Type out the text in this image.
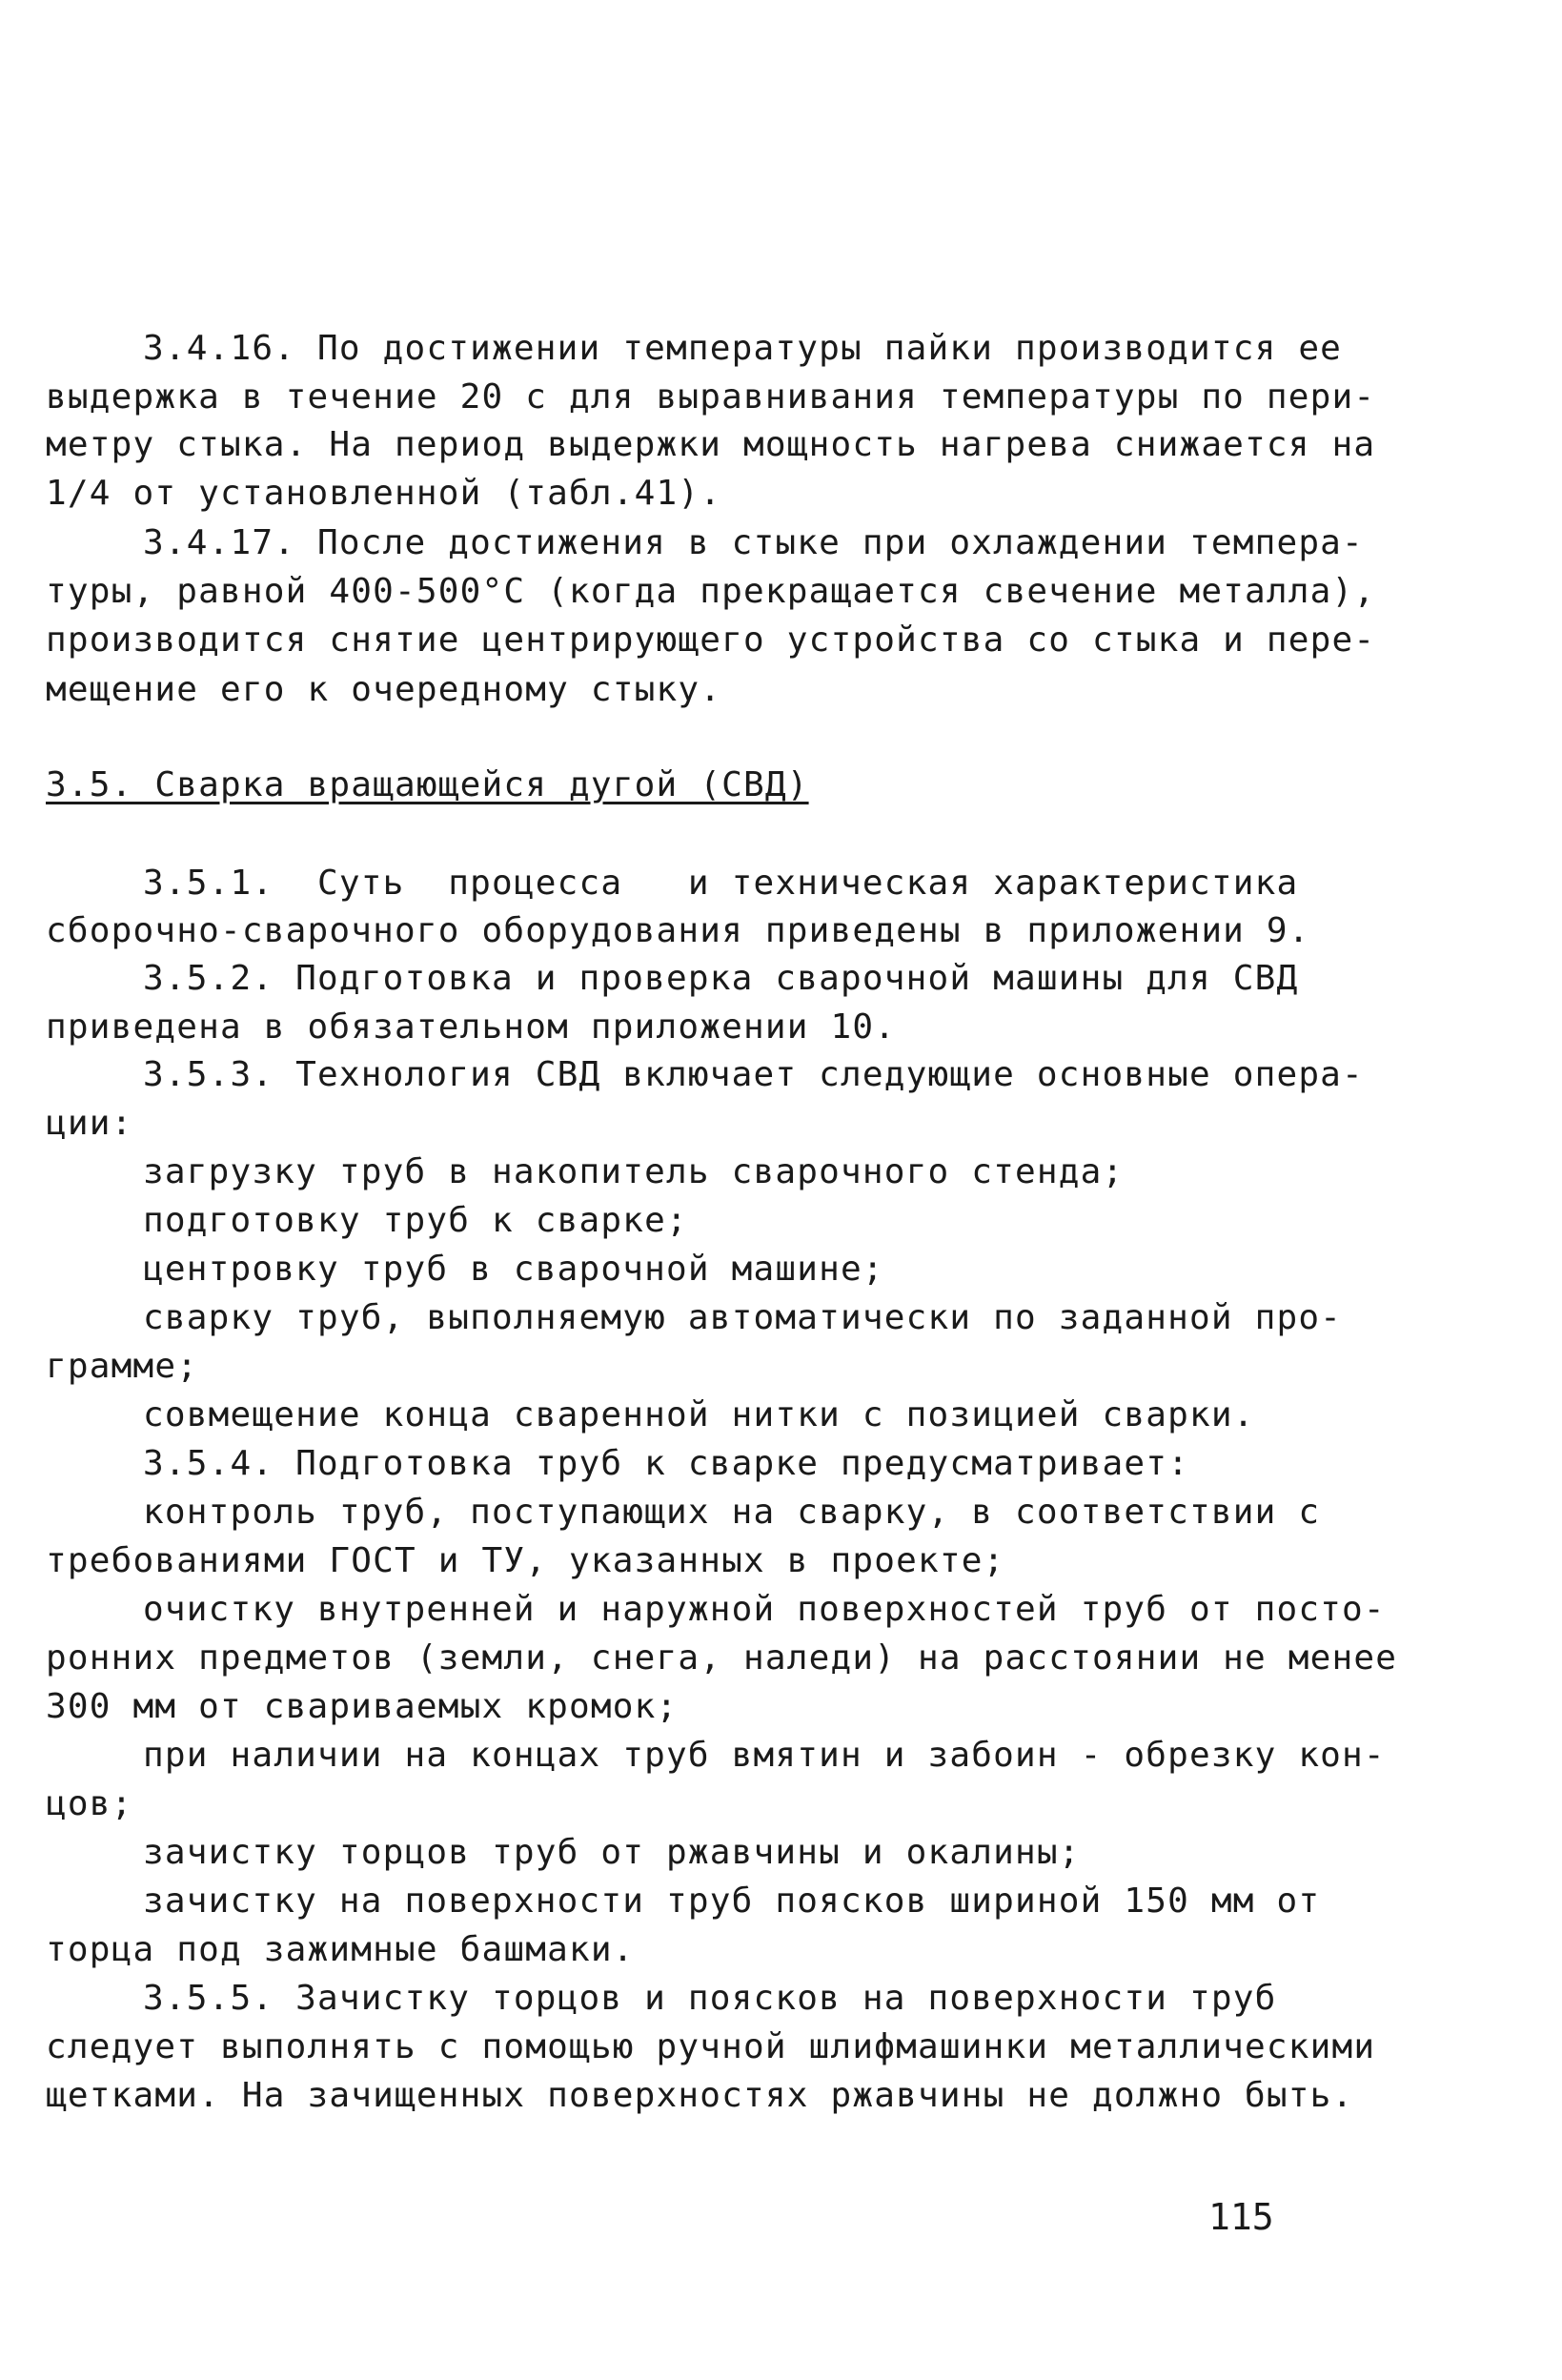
3.4.16. По достижении температуры пайки производится ее
выдержка в течение 20 с для выравнивания температуры по пери-
метру стыка. На период выдержки мощность нагрева снижается на
1/4 от установленной (табл.41).
3.4.17. После достижения в стыке при охлаждении темпера-
туры, равной 400-500°С (когда прекращается свечение металла),
производится снятие центрирующего устройства со стыка и пере-
мещение его к очередному стыку.
3.5. Сварка вращающейся дугой (СВД)
3.5.1.  Суть  процесса   и техническая характеристика
сборочно-сварочного оборудования приведены в приложении 9.
3.5.2. Подготовка и проверка сварочной машины для СВД
приведена в обязательном приложении 10.
3.5.3. Технология СВД включает следующие основные опера-
ции:
загрузку труб в накопитель сварочного стенда;
подготовку труб к сварке;
центровку труб в сварочной машине;
сварку труб, выполняемую автоматически по заданной про-
грамме;
совмещение конца сваренной нитки с позицией сварки.
3.5.4. Подготовка труб к сварке предусматривает:
контроль труб, поступающих на сварку, в соответствии с
требованиями ГОСТ и ТУ, указанных в проекте;
очистку внутренней и наружной поверхностей труб от посто-
ронних предметов (земли, снега, наледи) на расстоянии не менее
300 мм от свариваемых кромок;
при наличии на концах труб вмятин и забоин - обрезку кон-
цов;
зачистку торцов труб от ржавчины и окалины;
зачистку на поверхности труб поясков шириной 150 мм от
торца под зажимные башмаки.
3.5.5. Зачистку торцов и поясков на поверхности труб
следует выполнять с помощью ручной шлифмашинки металлическими
щетками. На зачищенных поверхностях ржавчины не должно быть.
115
